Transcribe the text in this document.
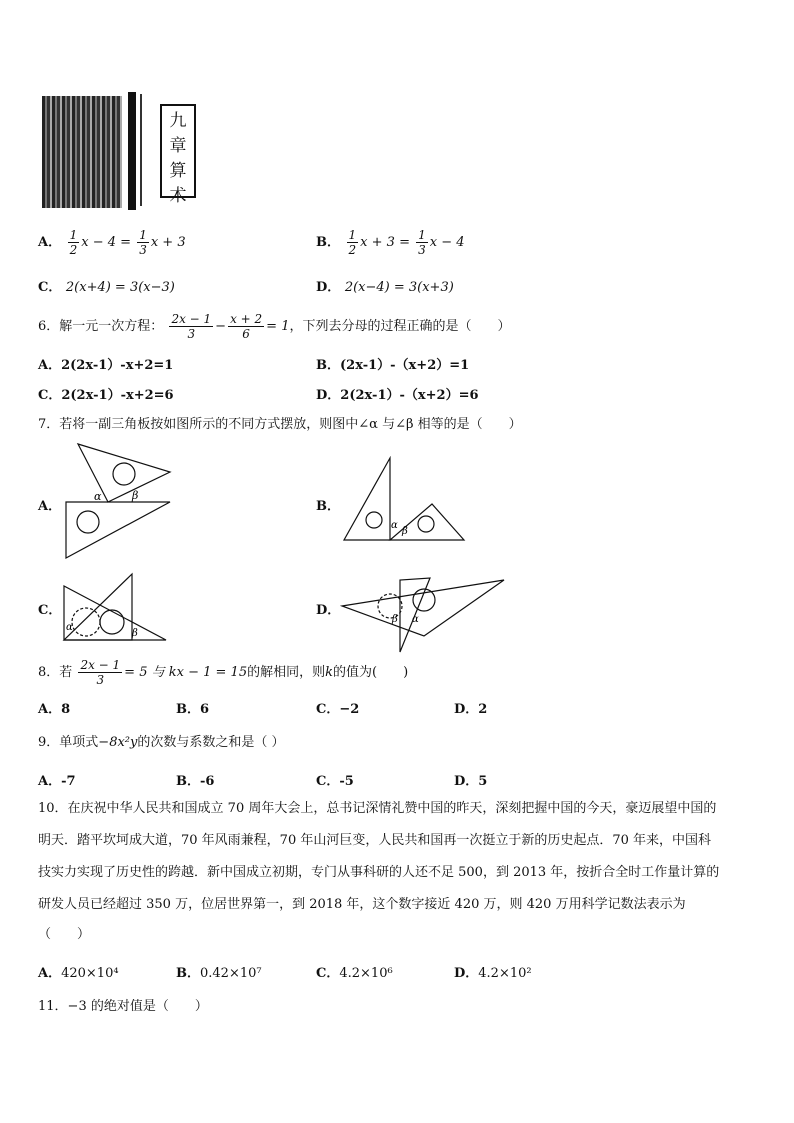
九
章
算
术
A． $\frac{1}{2}$ $x - 4 = \frac{1}{3}$ x + 3	B． $\frac{1}{2}$ $x + 3 = \frac{1}{3}$ x − 4
C． 2(x+4) = 3(x−3)	D． 2(x−4) = 3(x+3)
6．解一元一次方程： $\frac{2x - 1}{3} - \frac{x + 2}{6} = 1$，下列去分母的过程正确的是（　　）
A．2(2x-1）-x+2=1	B．(2x-1）-（x+2）=1
C．2(2x-1）-x+2=6	D．2(2x-1）-（x+2）=6
7．若将一副三角板按如图所示的不同方式摆放，则图中∠α 与∠β 相等的是（　　）
A．
α	β
B．
α
β
C．
α
β
D．
β α
8．若 $\frac{2x - 1}{3} = 5$ 与 kx − 1 = 15的解相同，则k的值为(　　)
A．8	B．6	C．−2	D．2
9．单项式−8x²y的次数与系数之和是（ ）
A．-7	B．-6	C．-5	D．5
10．在庆祝中华人民共和国成立 70 周年大会上，总书记深情礼赞中国的昨天，深刻把握中国的今天，豪迈展望中国的
明天．踏平坎坷成大道，70 年风雨兼程，70 年山河巨变，人民共和国再一次挺立于新的历史起点．70 年来，中国科
技实力实现了历史性的跨越．新中国成立初期，专门从事科研的人还不足 500，到 2013 年，按折合全时工作量计算的
研发人员已经超过 350 万，位居世界第一，到 2018 年，这个数字接近 420 万，则 420 万用科学记数法表示为
（　　）
A．420×10⁴	B．0.42×10⁷	C．4.2×10⁶	D．4.2×10²
11．−3 的绝对值是（　　）
